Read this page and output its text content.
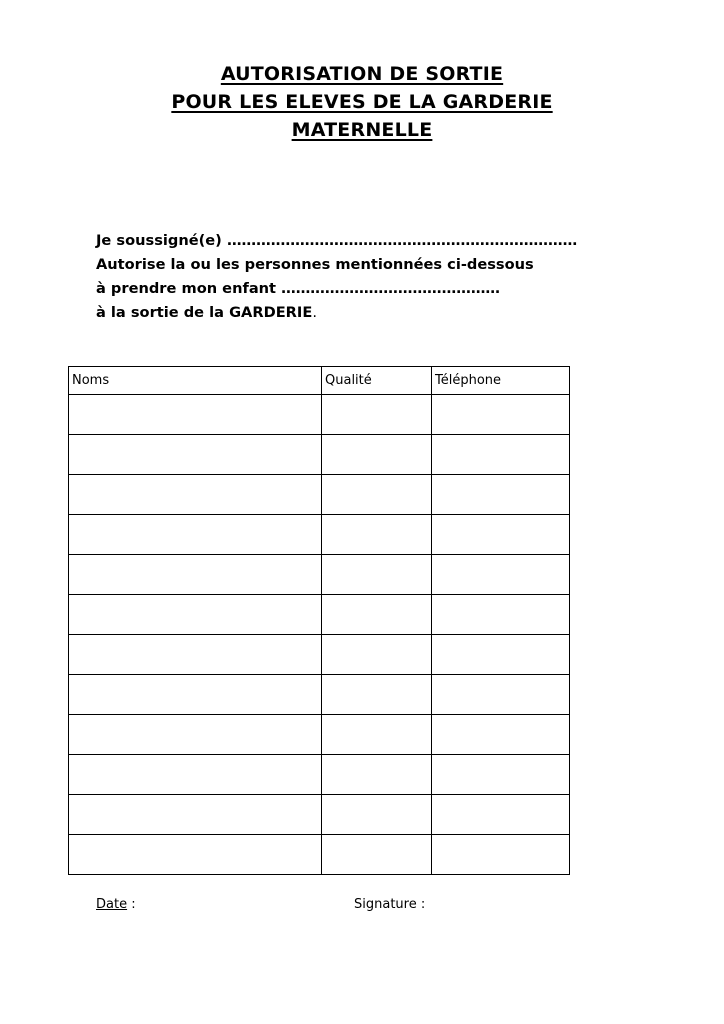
AUTORISATION DE SORTIE
POUR LES ELEVES DE LA GARDERIE
MATERNELLE
Je soussigné(e) ………………………………………………………………
Autorise la ou les personnes mentionnées ci-dessous
à prendre mon enfant ………………………………………
à la sortie de la GARDERIE.
Noms	Qualité	Téléphone

Date :	Signature :
